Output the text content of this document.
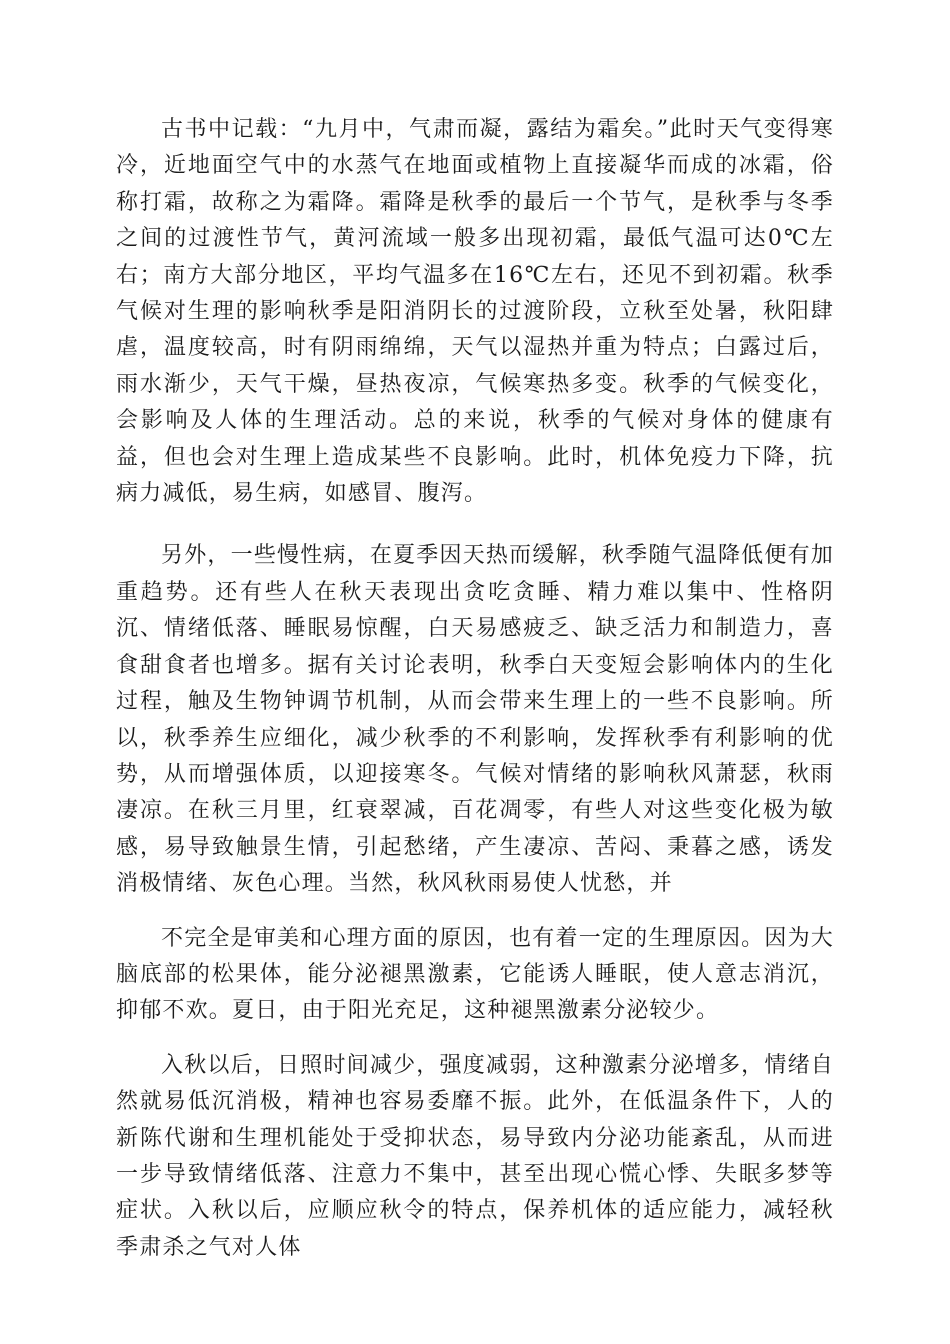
古书中记载：“九月中，气肃而凝，露结为霜矣。”此时天气变得寒冷，近地面空气中的水蒸气在地面或植物上直接凝华而成的冰霜，俗称打霜，故称之为霜降。霜降是秋季的最后一个节气，是秋季与冬季之间的过渡性节气，黄河流域一般多出现初霜，最低气温可达0℃左右；南方大部分地区，平均气温多在16℃左右，还见不到初霜。秋季气候对生理的影响秋季是阳消阴长的过渡阶段，立秋至处暑，秋阳肆虐，温度较高，时有阴雨绵绵，天气以湿热并重为特点；白露过后，雨水渐少，天气干燥，昼热夜凉，气候寒热多变。秋季的气候变化，会影响及人体的生理活动。总的来说，秋季的气候对身体的健康有益，但也会对生理上造成某些不良影响。此时，机体免疫力下降，抗病力减低，易生病，如感冒、腹泻。

另外，一些慢性病，在夏季因天热而缓解，秋季随气温降低便有加重趋势。还有些人在秋天表现出贪吃贪睡、精力难以集中、性格阴沉、情绪低落、睡眠易惊醒，白天易感疲乏、缺乏活力和制造力，喜食甜食者也增多。据有关讨论表明，秋季白天变短会影响体内的生化过程，触及生物钟调节机制，从而会带来生理上的一些不良影响。所以，秋季养生应细化，减少秋季的不利影响，发挥秋季有利影响的优势，从而增强体质，以迎接寒冬。气候对情绪的影响秋风萧瑟，秋雨凄凉。在秋三月里，红衰翠减，百花凋零，有些人对这些变化极为敏感，易导致触景生情，引起愁绪，产生凄凉、苦闷、秉暮之感，诱发消极情绪、灰色心理。当然，秋风秋雨易使人忧愁，并

不完全是审美和心理方面的原因，也有着一定的生理原因。因为大脑底部的松果体，能分泌褪黑激素，它能诱人睡眠，使人意志消沉，抑郁不欢。夏日，由于阳光充足，这种褪黑激素分泌较少。

入秋以后，日照时间减少，强度减弱，这种激素分泌增多，情绪自然就易低沉消极，精神也容易委靡不振。此外，在低温条件下，人的新陈代谢和生理机能处于受抑状态，易导致内分泌功能紊乱，从而进一步导致情绪低落、注意力不集中，甚至出现心慌心悸、失眠多梦等症状。入秋以后，应顺应秋令的特点，保养机体的适应能力，减轻秋季肃杀之气对人体
